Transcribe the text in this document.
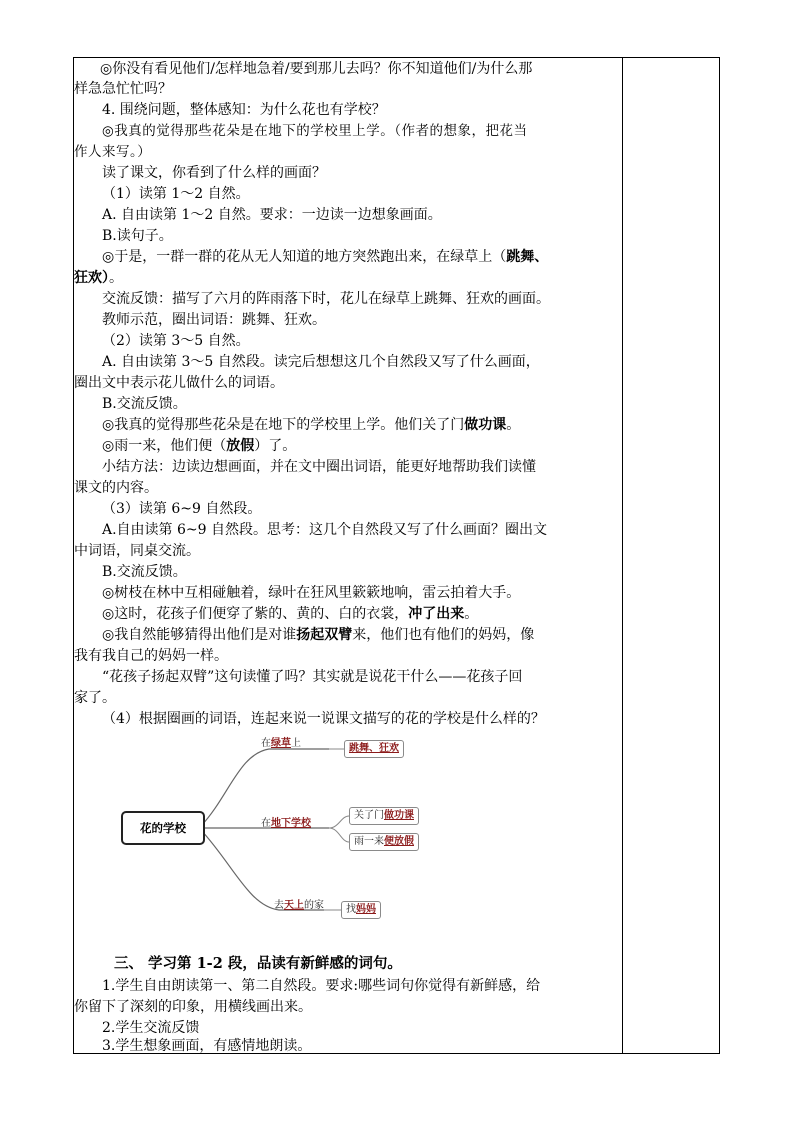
◎你没有看见他们/怎样地急着/要到那儿去吗？你不知道他们/为什么那
样急急忙忙吗？
4. 围绕问题，整体感知：为什么花也有学校？
◎我真的觉得那些花朵是在地下的学校里上学。（作者的想象，把花当
作人来写。）
读了课文，你看到了什么样的画面？
（1）读第 1～2 自然。
A. 自由读第 1～2 自然。要求：一边读一边想象画面。
B.读句子。
◎于是，一群一群的花从无人知道的地方突然跑出来，在绿草上（跳舞、
狂欢）。
交流反馈：描写了六月的阵雨落下时，花儿在绿草上跳舞、狂欢的画面。
教师示范，圈出词语：跳舞、狂欢。
（2）读第 3～5 自然。
A. 自由读第 3～5 自然段。读完后想想这几个自然段又写了什么画面，
圈出文中表示花儿做什么的词语。
B.交流反馈。
◎我真的觉得那些花朵是在地下的学校里上学。他们关了门做功课。
◎雨一来，他们便（放假）了。
小结方法：边读边想画面，并在文中圈出词语，能更好地帮助我们读懂
课文的内容。
（3）读第 6~9 自然段。
A.自由读第 6~9 自然段。思考：这几个自然段又写了什么画面？圈出文
中词语，同桌交流。
B.交流反馈。
◎树枝在林中互相碰触着，绿叶在狂风里簌簌地响，雷云拍着大手。
◎这时，花孩子们便穿了紫的、黄的、白的衣裳，冲了出来。
◎我自然能够猜得出他们是对谁扬起双臂来，他们也有他们的妈妈，像
我有我自己的妈妈一样。
“花孩子扬起双臂”这句读懂了吗？其实就是说花干什么——花孩子回
家了。
（4）根据圈画的词语，连起来说一说课文描写的花的学校是什么样的？
花的学校
在绿草上	跳舞、狂欢
在地下学校
关了门做功课
雨一来便放假
去天上的家	找妈妈
三、 学习第 1-2 段，品读有新鲜感的词句。
1.学生自由朗读第一、第二自然段。要求:哪些词句你觉得有新鲜感，给
你留下了深刻的印象，用横线画出来。
2.学生交流反馈
3.学生想象画面，有感情地朗读。
